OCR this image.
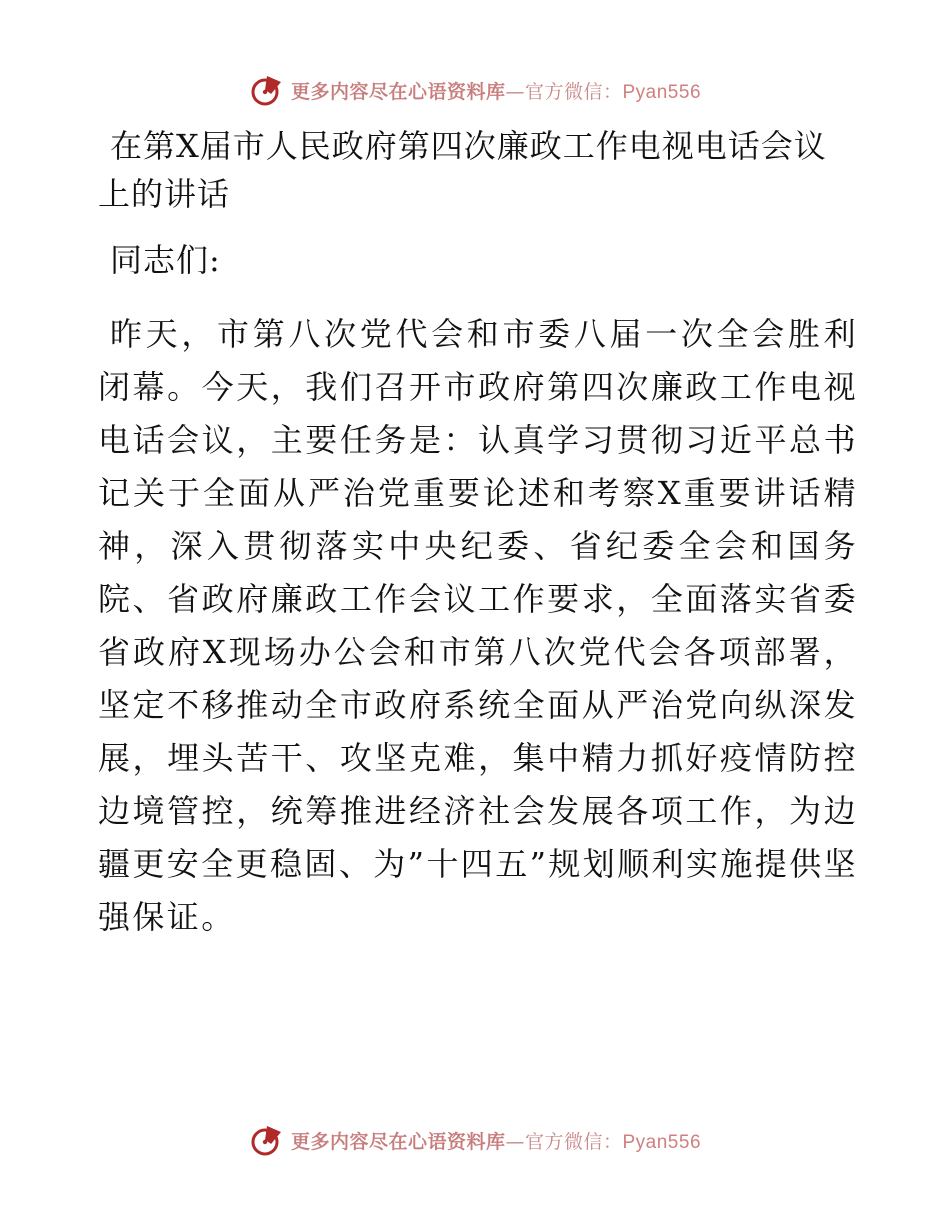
更多内容尽在心语资料库—官方微信：Pyan556
在第X届市人民政府第四次廉政工作电视电话会议上的讲话

同志们:

昨天，市第八次党代会和市委八届一次全会胜利闭幕。今天，我们召开市政府第四次廉政工作电视电话会议，主要任务是：认真学习贯彻习近平总书记关于全面从严治党重要论述和考察X重要讲话精神，深入贯彻落实中央纪委、省纪委全会和国务院、省政府廉政工作会议工作要求，全面落实省委省政府X现场办公会和市第八次党代会各项部署，坚定不移推动全市政府系统全面从严治党向纵深发展，埋头苦干、攻坚克难，集中精力抓好疫情防控边境管控，统筹推进经济社会发展各项工作，为边疆更安全更稳固、为”十四五”规划顺利实施提供坚强保证。

更多内容尽在心语资料库—官方微信：Pyan556
